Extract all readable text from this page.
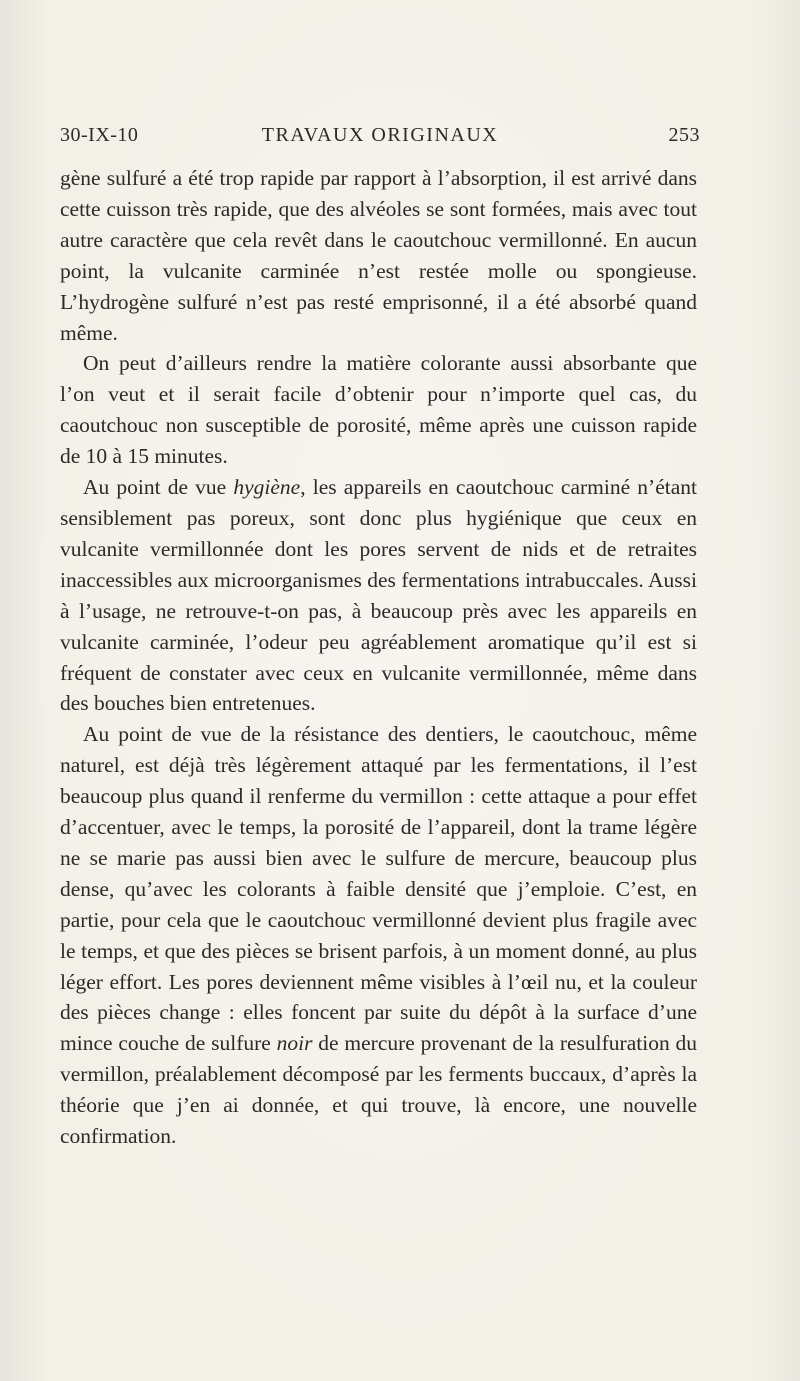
30-IX-10	TRAVAUX ORIGINAUX	253

gène sulfuré a été trop rapide par rapport à l’absorption, il est arrivé dans cette cuisson très rapide, que des alvéoles se sont formées, mais avec tout autre caractère que cela revêt dans le caoutchouc vermillonné. En aucun point, la vulcanite carminée n’est restée molle ou spongieuse. L’hydrogène sulfuré n’est pas resté emprisonné, il a été absorbé quand même.

On peut d’ailleurs rendre la matière colorante aussi absorbante que l’on veut et il serait facile d’obtenir pour n’importe quel cas, du caoutchouc non susceptible de porosité, même après une cuisson rapide de 10 à 15 minutes.

Au point de vue hygiène, les appareils en caoutchouc carminé n’étant sensiblement pas poreux, sont donc plus hygiénique que ceux en vulcanite vermillonnée dont les pores servent de nids et de retraites inaccessibles aux microorganismes des fermentations intrabuccales. Aussi à l’usage, ne retrouve-t-on pas, à beaucoup près avec les appareils en vulcanite carminée, l’odeur peu agréablement aromatique qu’il est si fréquent de constater avec ceux en vulcanite vermillonnée, même dans des bouches bien entretenues.

Au point de vue de la résistance des dentiers, le caoutchouc, même naturel, est déjà très légèrement attaqué par les fermentations, il l’est beaucoup plus quand il renferme du vermillon : cette attaque a pour effet d’accentuer, avec le temps, la porosité de l’appareil, dont la trame légère ne se marie pas aussi bien avec le sulfure de mercure, beaucoup plus dense, qu’avec les colorants à faible densité que j’emploie. C’est, en partie, pour cela que le caoutchouc vermillonné devient plus fragile avec le temps, et que des pièces se brisent parfois, à un moment donné, au plus léger effort. Les pores deviennent même visibles à l’œil nu, et la couleur des pièces change : elles foncent par suite du dépôt à la surface d’une mince couche de sulfure noir de mercure provenant de la resulfuration du vermillon, préalablement décomposé par les ferments buccaux, d’après la théorie que j’en ai donnée, et qui trouve, là encore, une nouvelle confirmation.
